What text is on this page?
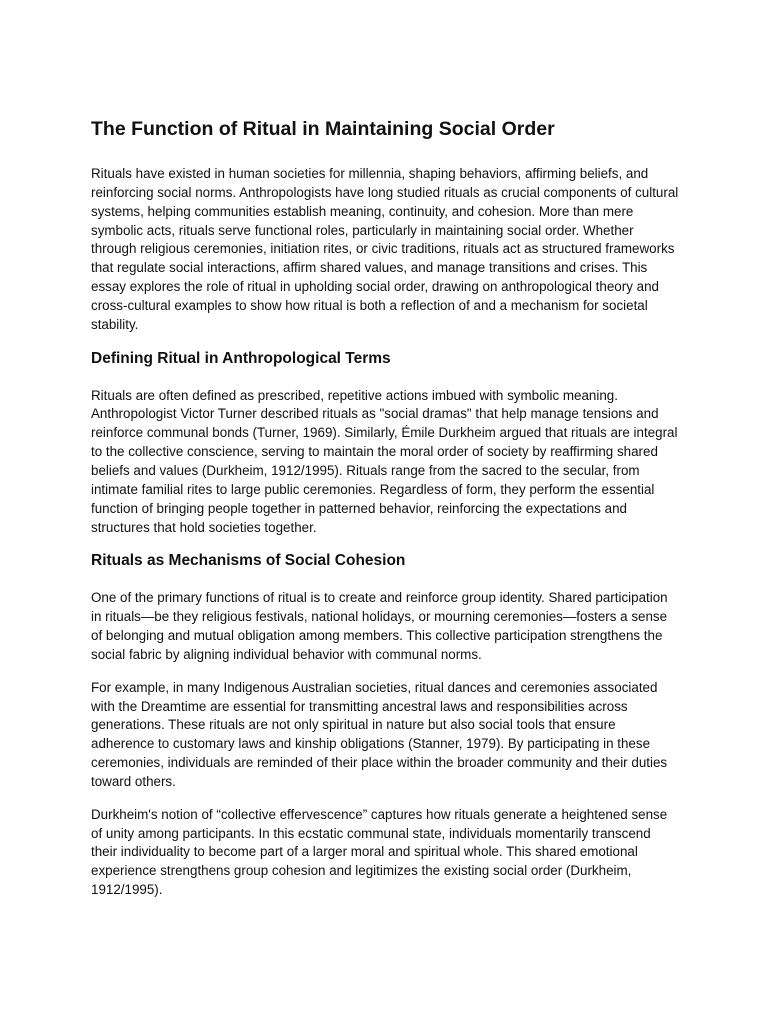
The Function of Ritual in Maintaining Social Order

Rituals have existed in human societies for millennia, shaping behaviors, affirming beliefs, and reinforcing social norms. Anthropologists have long studied rituals as crucial components of cultural systems, helping communities establish meaning, continuity, and cohesion. More than mere symbolic acts, rituals serve functional roles, particularly in maintaining social order. Whether through religious ceremonies, initiation rites, or civic traditions, rituals act as structured frameworks that regulate social interactions, affirm shared values, and manage transitions and crises. This essay explores the role of ritual in upholding social order, drawing on anthropological theory and cross-cultural examples to show how ritual is both a reflection of and a mechanism for societal stability.

Defining Ritual in Anthropological Terms

Rituals are often defined as prescribed, repetitive actions imbued with symbolic meaning. Anthropologist Victor Turner described rituals as "social dramas" that help manage tensions and reinforce communal bonds (Turner, 1969). Similarly, Émile Durkheim argued that rituals are integral to the collective conscience, serving to maintain the moral order of society by reaffirming shared beliefs and values (Durkheim, 1912/1995). Rituals range from the sacred to the secular, from intimate familial rites to large public ceremonies. Regardless of form, they perform the essential function of bringing people together in patterned behavior, reinforcing the expectations and structures that hold societies together.

Rituals as Mechanisms of Social Cohesion

One of the primary functions of ritual is to create and reinforce group identity. Shared participation in rituals—be they religious festivals, national holidays, or mourning ceremonies—fosters a sense of belonging and mutual obligation among members. This collective participation strengthens the social fabric by aligning individual behavior with communal norms.

For example, in many Indigenous Australian societies, ritual dances and ceremonies associated with the Dreamtime are essential for transmitting ancestral laws and responsibilities across generations. These rituals are not only spiritual in nature but also social tools that ensure adherence to customary laws and kinship obligations (Stanner, 1979). By participating in these ceremonies, individuals are reminded of their place within the broader community and their duties toward others.

Durkheim's notion of “collective effervescence” captures how rituals generate a heightened sense of unity among participants. In this ecstatic communal state, individuals momentarily transcend their individuality to become part of a larger moral and spiritual whole. This shared emotional experience strengthens group cohesion and legitimizes the existing social order (Durkheim, 1912/1995).
